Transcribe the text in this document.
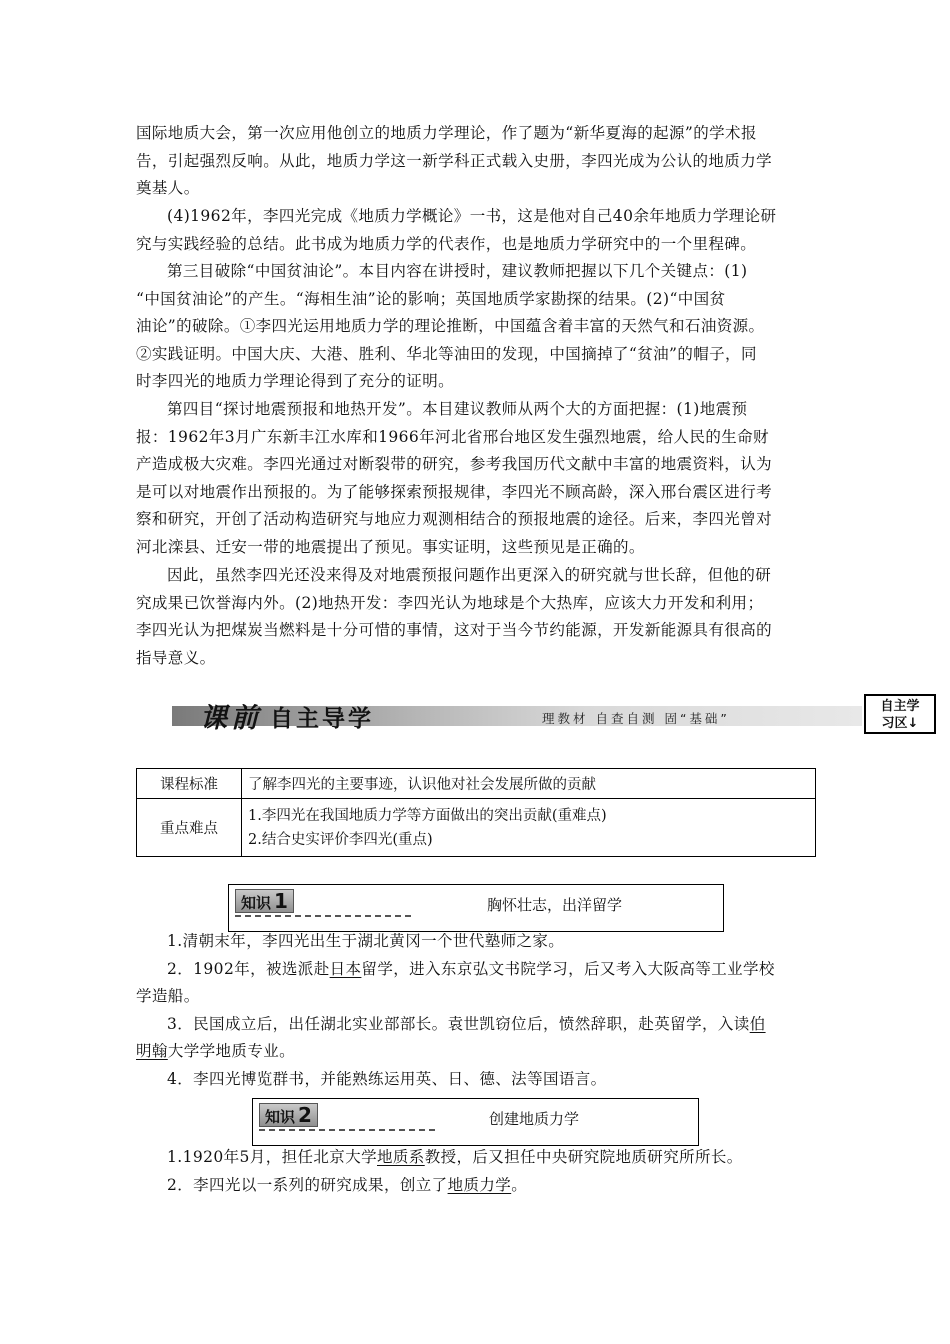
国际地质大会，第一次应用他创立的地质力学理论，作了题为“新华夏海的起源”的学术报
告，引起强烈反响。从此，地质力学这一新学科正式载入史册，李四光成为公认的地质力学
奠基人。
(4)1962年，李四光完成《地质力学概论》一书，这是他对自己40余年地质力学理论研
究与实践经验的总结。此书成为地质力学的代表作，也是地质力学研究中的一个里程碑。
第三目破除“中国贫油论”。本目内容在讲授时，建议教师把握以下几个关键点：(1)
“中国贫油论”的产生。“海相生油”论的影响；英国地质学家勘探的结果。(2)“中国贫
油论”的破除。①李四光运用地质力学的理论推断，中国蕴含着丰富的天然气和石油资源。
②实践证明。中国大庆、大港、胜利、华北等油田的发现，中国摘掉了“贫油”的帽子，同
时李四光的地质力学理论得到了充分的证明。
第四目“探讨地震预报和地热开发”。本目建议教师从两个大的方面把握：(1)地震预
报：1962年3月广东新丰江水库和1966年河北省邢台地区发生强烈地震，给人民的生命财
产造成极大灾难。李四光通过对断裂带的研究，参考我国历代文献中丰富的地震资料，认为
是可以对地震作出预报的。为了能够探索预报规律，李四光不顾高龄，深入邢台震区进行考
察和研究，开创了活动构造研究与地应力观测相结合的预报地震的途径。后来，李四光曾对
河北滦县、迁安一带的地震提出了预见。事实证明，这些预见是正确的。
因此，虽然李四光还没来得及对地震预报问题作出更深入的研究就与世长辞，但他的研
究成果已饮誉海内外。(2)地热开发：李四光认为地球是个大热库，应该大力开发和利用；
李四光认为把煤炭当燃料是十分可惜的事情，这对于当今节约能源，开发新能源具有很高的
指导意义。
课前 自主导学	理教材 自查自测 固“基础”
自主学
习区↓
课程标准	了解李四光的主要事迹，认识他对社会发展所做的贡献
重点难点	1.李四光在我国地质力学等方面做出的突出贡献(重难点)
2.结合史实评价李四光(重点)
知识 1	胸怀壮志，出洋留学
1.清朝末年，李四光出生于湖北黄冈一个世代塾师之家。
2．1902年，被选派赴日本留学，进入东京弘文书院学习，后又考入大阪高等工业学校
学造船。
3．民国成立后，出任湖北实业部部长。袁世凯窃位后，愤然辞职，赴英留学，入读伯
明翰大学学地质专业。
4．李四光博览群书，并能熟练运用英、日、德、法等国语言。
知识 2	创建地质力学
1.1920年5月，担任北京大学地质系教授，后又担任中央研究院地质研究所所长。
2．李四光以一系列的研究成果，创立了地质力学。
